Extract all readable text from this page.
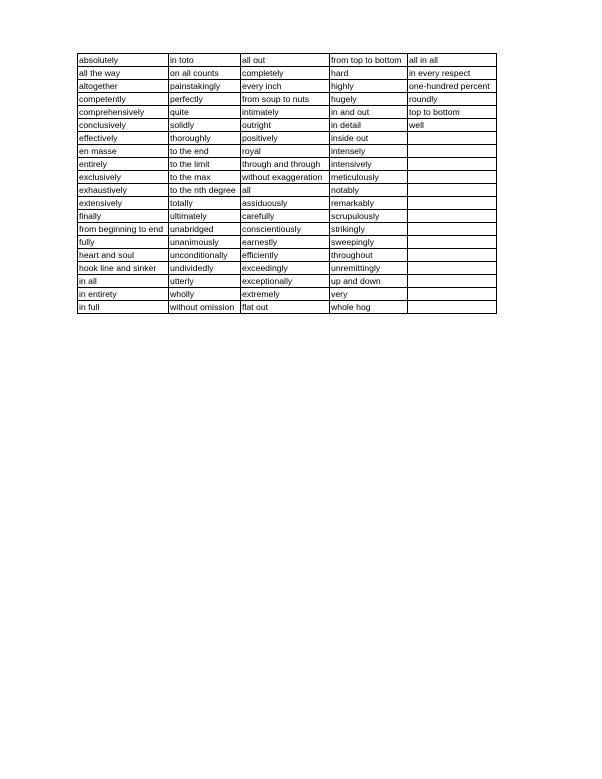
absolutely	in toto	all out	from top to bottom	all in all
all the way	on all counts	completely	hard	in every respect
altogether	painstakingly	every inch	highly	one-hundred percent
competently	perfectly	from soup to nuts	hugely	roundly
comprehensively	quite	intimately	in and out	top to bottom
conclusively	solidly	outright	in detail	well
effectively	thoroughly	positively	inside out	
en masse	to the end	royal	intensely	
entirely	to the limit	through and through	intensively	
exclusively	to the max	without exaggeration	meticulously	
exhaustively	to the nth degree	all	notably	
extensively	totally	assiduously	remarkably	
finally	ultimately	carefully	scrupulously	
from beginning to end	unabridged	conscientiously	strikingly	
fully	unanimously	earnestly	sweepingly	
heart and soul	unconditionally	efficiently	throughout	
hook line and sinker	undividedly	exceedingly	unremittingly	
in all	utterly	exceptionally	up and down	
in entirety	wholly	extremely	very	
in full	without omission	flat out	whole hog	
